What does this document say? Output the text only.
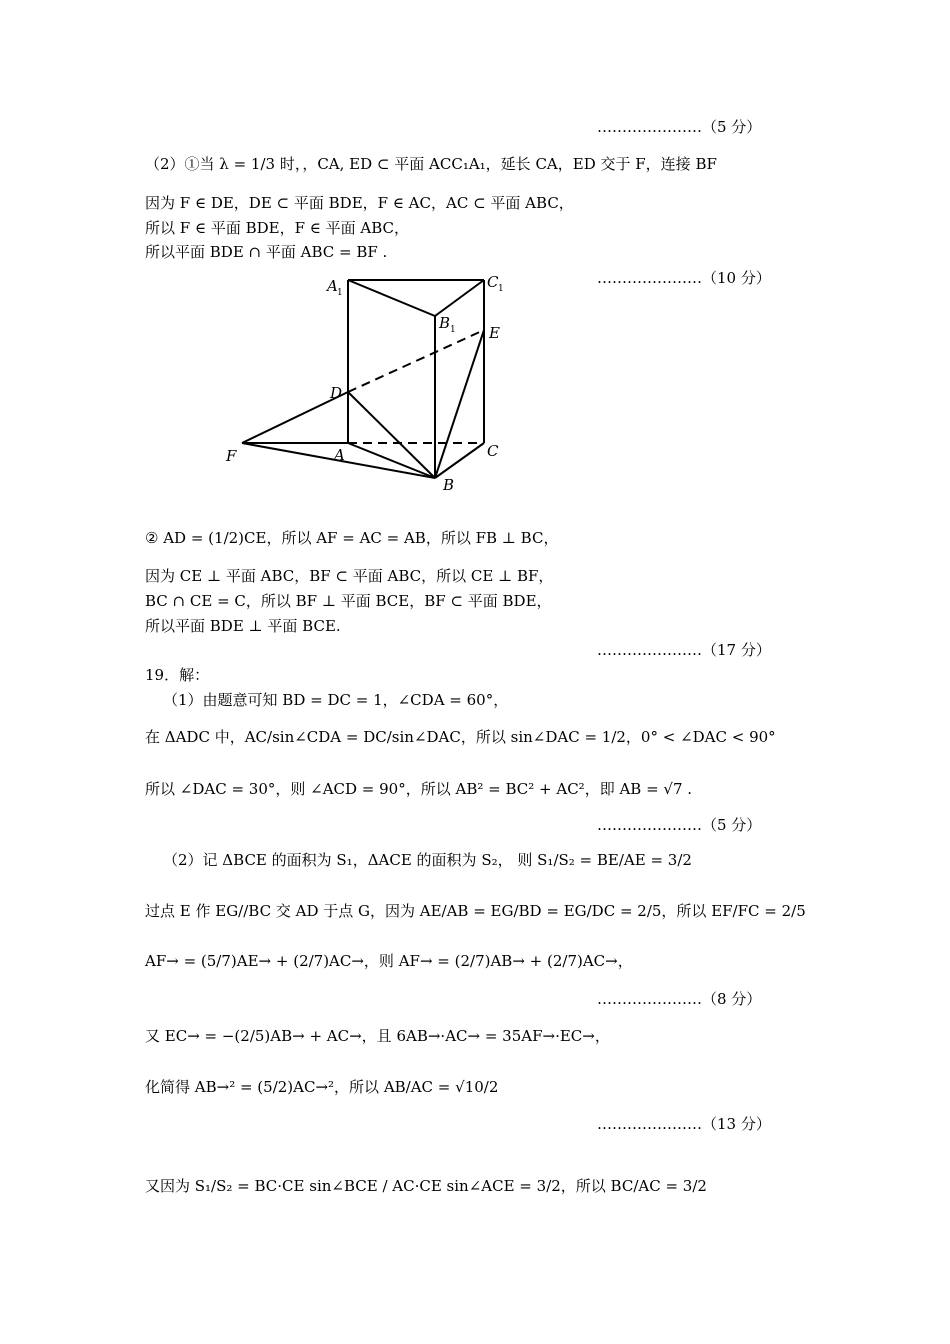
…………………（5 分）
…………………（10 分）
…………………（17 分）
…………………（5 分）
…………………（8 分）
…………………（13 分）
（2）①当 λ = 1/3 时，，CA, ED ⊂ 平面 ACC₁A₁，延长 CA，ED 交于 F，连接 BF
因为 F ∈ DE，DE ⊂ 平面 BDE，F ∈ AC，AC ⊂ 平面 ABC，
所以 F ∈ 平面 BDE，F ∈ 平面 ABC，
所以平面 BDE ∩ 平面 ABC = BF .
A 1
C 1
B 1 E
D
F	A	C
B
② AD = (1/2)CE，所以 AF = AC = AB，所以 FB ⊥ BC，
因为 CE ⊥ 平面 ABC，BF ⊂ 平面 ABC，所以 CE ⊥ BF，
BC ∩ CE = C，所以 BF ⊥ 平面 BCE，BF ⊂ 平面 BDE，
所以平面 BDE ⊥ 平面 BCE.
19．解：
（1）由题意可知 BD = DC = 1，∠CDA = 60°，
在 ΔADC 中，AC/sin∠CDA = DC/sin∠DAC，所以 sin∠DAC = 1/2，0° < ∠DAC < 90°
所以 ∠DAC = 30°，则 ∠ACD = 90°，所以 AB² = BC² + AC²，即 AB = √7 .
（2）记 ΔBCE 的面积为 S₁，ΔACE 的面积为 S₂， 则 S₁/S₂ = BE/AE = 3/2
过点 E 作 EG//BC 交 AD 于点 G，因为 AE/AB = EG/BD = EG/DC = 2/5，所以 EF/FC = 2/5
AF→ = (5/7)AE→ + (2/7)AC→，则 AF→ = (2/7)AB→ + (2/7)AC→，
又 EC→ = −(2/5)AB→ + AC→，且 6AB→·AC→ = 35AF→·EC→，
化简得 AB→² = (5/2)AC→²，所以 AB/AC = √10/2
又因为 S₁/S₂ = BC·CE sin∠BCE / AC·CE sin∠ACE = 3/2，所以 BC/AC = 3/2
